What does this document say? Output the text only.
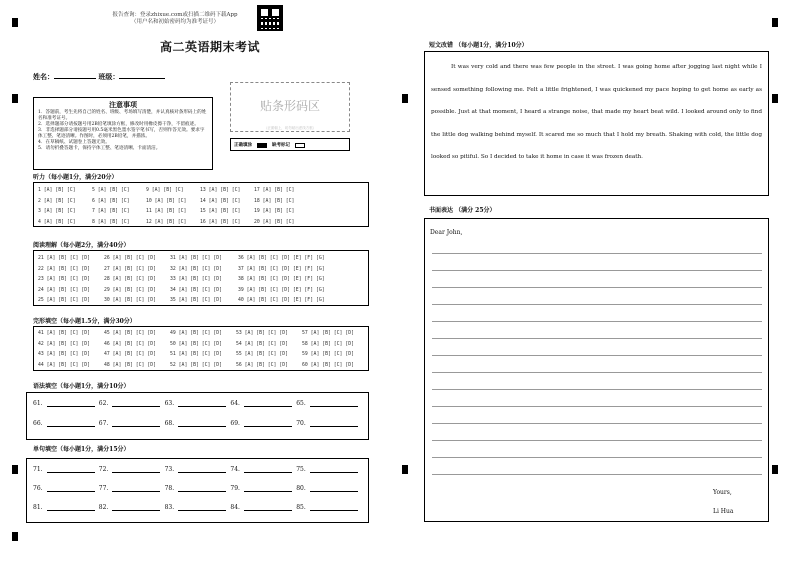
报告查询：登录zhixue.com或扫描二维码下载App
（用户名和初始密码均为准考证号）
高二英语期末考试
姓名：	班级：
注意事项
1．答题前，考生先将自己的姓名、班级、考场填写清楚，并认真核对条形码上的姓名和准考证号。
2．选择题部分请按题号用2B铅笔填涂方框，修改时用橡皮擦干净，不留痕迹。
3．非选择题部分请按题号用0.5毫米黑色墨水签字笔书写，否则作答无效。要求字体工整、笔迹清晰。作图时，必须用2B铅笔，并描浓。
4．在草稿纸、试题卷上答题无效。
5．请勿折叠答题卡，保持字体工整、笔迹清晰、卡面清洁。
贴条形码区
（正面朝上，切勿贴出虚线方框）
正确填涂	缺考标记
听力（每小题1分，满分20分）
1 [A] [B] [C]	5 [A] [B] [C]	9 [A] [B] [C]	13 [A] [B] [C]	17 [A] [B] [C]
2 [A] [B] [C]	6 [A] [B] [C]	10 [A] [B] [C]	14 [A] [B] [C]	18 [A] [B] [C]
3 [A] [B] [C]	7 [A] [B] [C]	11 [A] [B] [C]	15 [A] [B] [C]	19 [A] [B] [C]
4 [A] [B] [C]	8 [A] [B] [C]	12 [A] [B] [C]	16 [A] [B] [C]	20 [A] [B] [C]
阅读理解（每小题2分，满分40分）
21 [A] [B] [C] [D]	26 [A] [B] [C] [D]	31 [A] [B] [C] [D]	36 [A] [B] [C] [D] [E] [F] [G]
22 [A] [B] [C] [D]	27 [A] [B] [C] [D]	32 [A] [B] [C] [D]	37 [A] [B] [C] [D] [E] [F] [G]
23 [A] [B] [C] [D]	28 [A] [B] [C] [D]	33 [A] [B] [C] [D]	38 [A] [B] [C] [D] [E] [F] [G]
24 [A] [B] [C] [D]	29 [A] [B] [C] [D]	34 [A] [B] [C] [D]	39 [A] [B] [C] [D] [E] [F] [G]
25 [A] [B] [C] [D]	30 [A] [B] [C] [D]	35 [A] [B] [C] [D]	40 [A] [B] [C] [D] [E] [F] [G]
完形填空（每小题1.5分，满分30分）
41 [A] [B] [C] [D]	45 [A] [B] [C] [D]	49 [A] [B] [C] [D]	53 [A] [B] [C] [D]	57 [A] [B] [C] [D]
42 [A] [B] [C] [D]	46 [A] [B] [C] [D]	50 [A] [B] [C] [D]	54 [A] [B] [C] [D]	58 [A] [B] [C] [D]
43 [A] [B] [C] [D]	47 [A] [B] [C] [D]	51 [A] [B] [C] [D]	55 [A] [B] [C] [D]	59 [A] [B] [C] [D]
44 [A] [B] [C] [D]	48 [A] [B] [C] [D]	52 [A] [B] [C] [D]	56 [A] [B] [C] [D]	60 [A] [B] [C] [D]
语法填空（每小题1分，满分10分）
61.	62.	63.	64.	65.
66.	67.	68.	69.	70.
单句填空（每小题1分，满分15分）
71.	72.	73.	74.	75.
76.	77.	78.	79.	80.
81.	82.	83.	84.	85.
短文改错 （每小题1分，满分10分）
It was very cold and there was few people in the street. I was going home after jogging last night while I sensed something following me. Felt a little frightened, I was quickened my pace hoping to get home as early as possible. Just at that moment, I heard a strange noise, that made my heart beat wild. I looked around only to find the little dog walking behind myself. It scared me so much that I hold my breath. Shaking with cold, the little dog looked so pitiful. So I decided to take it home in case it was frozen death.
书面表达 （满分 25分）
Dear John,
Yours,
Li Hua
